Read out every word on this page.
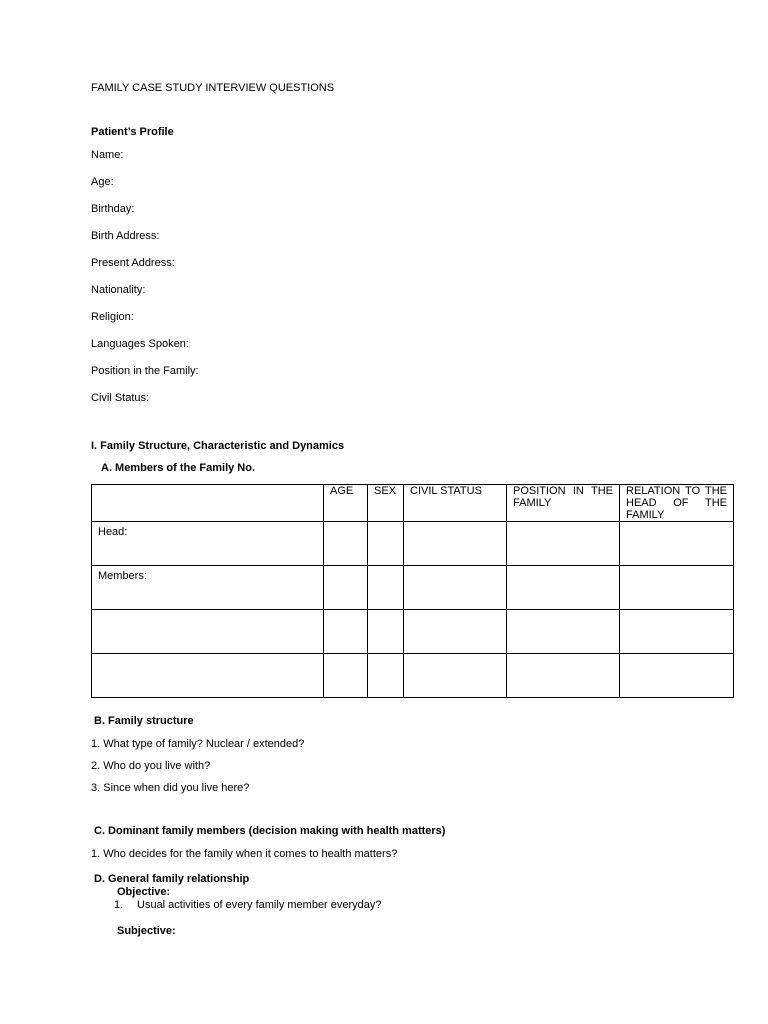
FAMILY CASE STUDY INTERVIEW QUESTIONS
Patient’s Profile
Name:
Age:
Birthday:
Birth Address:
Present Address:
Nationality:
Religion:
Languages Spoken:
Position in the Family:
Civil Status:
I. Family Structure, Characteristic and Dynamics
A. Members of the Family No.

	AGE	SEX	CIVIL STATUS	POSITION IN THE FAMILY	RELATION TO THE HEAD OF THE FAMILY

Head:					

Members:					

B. Family structure
1. What type of family? Nuclear / extended?
2. Who do you live with?
3. Since when did you live here?
C. Dominant family members (decision making with health matters)
1. Who decides for the family when it comes to health matters?
D. General family relationship
Objective:
1. Usual activities of every family member everyday?
Subjective:
